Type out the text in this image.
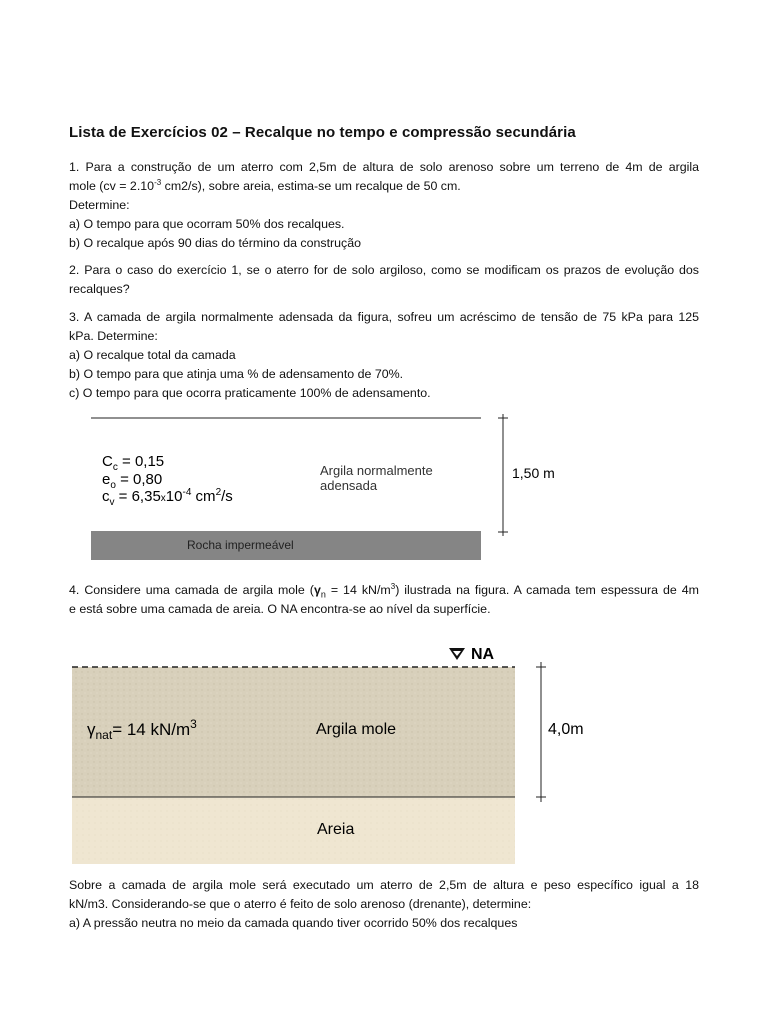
Lista de Exercícios 02 – Recalque no tempo e compressão secundária
1. Para a construção de um aterro com 2,5m de altura de solo arenoso sobre um terreno de 4m de argila
mole ($cv = 2.10^{-3}$ cm2/s), sobre areia, estima-se um recalque de 50 cm.
Determine:
a) O tempo para que ocorram 50% dos recalques.
b) O recalque após 90 dias do término da construção
2. Para o caso do exercício 1, se o aterro for de solo argiloso, como se modificam os prazos de evolução dos
recalques?
3. A camada de argila normalmente adensada da figura, sofreu um acréscimo de tensão de 75 kPa para 125
kPa. Determine:
a) O recalque total da camada
b) O tempo para que atinja uma % de adensamento de 70%.
c) O tempo para que ocorra praticamente 100% de adensamento.
$C_c = 0,15$
$e_o = 0,80$
$c_v = 6,35x10^{-4}$ $cm^2/s$
Argila normalmente
adensada
Rocha impermeável
1,50 m
4. Considere uma camada de argila mole ($\gamma_n = 14$ $kN/m^3$) ilustrada na figura. A camada tem espessura de 4m
e está sobre uma camada de areia. O NA encontra-se ao nível da superfície.
NA
$\gamma_{nat}= 14$ $kN/m^3$	Argila mole
Areia
4,0m
Sobre a camada de argila mole será executado um aterro de 2,5m de altura e peso específico igual a 18
kN/m3. Considerando-se que o aterro é feito de solo arenoso (drenante), determine:
a) A pressão neutra no meio da camada quando tiver ocorrido 50% dos recalques
